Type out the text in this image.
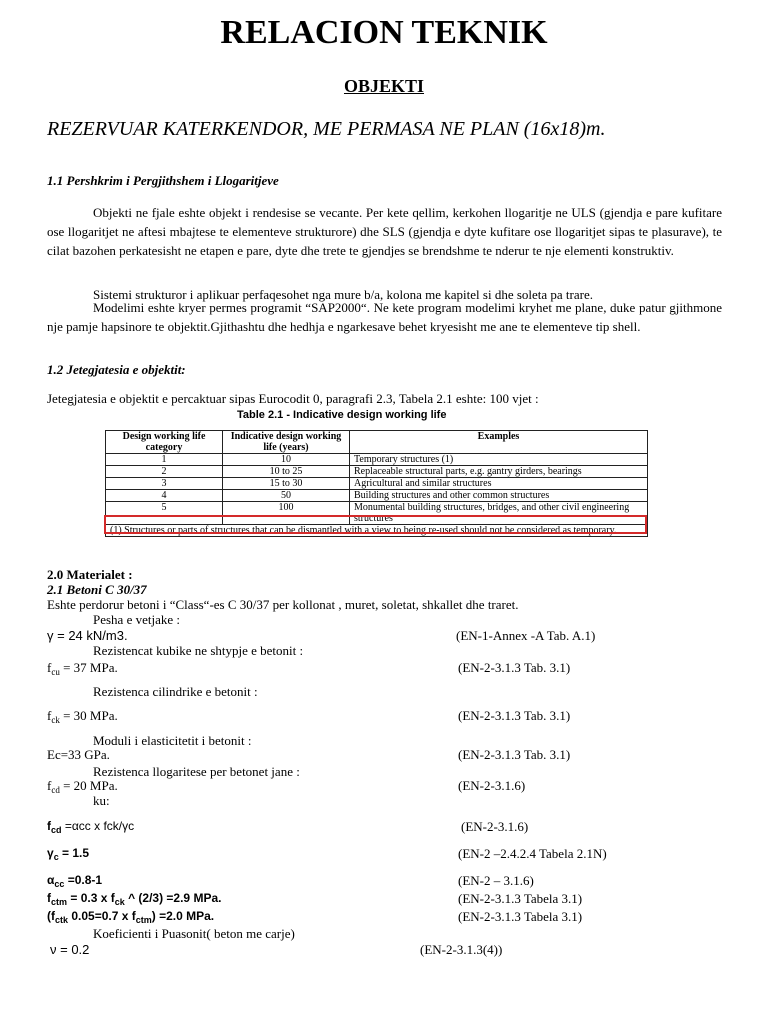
RELACION TEKNIK
OBJEKTI
REZERVUAR KATERKENDOR, ME PERMASA NE PLAN (16x18)m.
1.1 Pershkrim i Pergjithshem i Llogaritjeve
Objekti ne fjale eshte objekt i rendesise se vecante. Per kete qellim, kerkohen llogaritje ne ULS (gjendja e pare kufitare ose llogaritjet ne aftesi mbajtese te elementeve strukturore) dhe SLS (gjendja e dyte kufitare ose llogaritjet sipas te plasurave), te cilat bazohen perkatesisht ne etapen e pare, dyte dhe trete te gjendjes se brendshme te nderur te nje elementi konstruktiv.
Sistemi strukturor i aplikuar perfaqesohet nga mure b/a, kolona me kapitel si dhe soleta pa trare.
Modelimi eshte kryer permes programit “SAP2000“. Ne kete program modelimi kryhet me plane, duke patur gjithmone nje pamje hapsinore te objektit.Gjithashtu dhe hedhja e ngarkesave behet kryesisht me ane te elementeve tip shell.
1.2 Jetegjatesia e objektit:
Jetegjatesia e objektit e percaktuar sipas Eurocodit 0, paragrafi 2.3, Tabela 2.1 eshte: 100 vjet :
Table 2.1 - Indicative design working life
Design working life category	Indicative design working life (years)	Examples
1	10	Temporary structures (1)
2	10 to 25	Replaceable structural parts, e.g. gantry girders, bearings
3	15 to 30	Agricultural and similar structures
4	50	Building structures and other common structures
5	100	Monumental building structures, bridges, and other civil engineering structures
(1) Structures or parts of structures that can be dismantled with a view to being re-used should not be considered as temporary.		
2.0 Materialet :
2.1 Betoni C 30/37
Eshte perdorur betoni i “Class“-es C 30/37 per kollonat , muret, soletat, shkallet dhe traret.
Pesha e vetjake :
γ = 24 kN/m3.	(EN-1-Annex -A Tab. A.1)
Rezistencat kubike ne shtypje e betonit :
$f_{cu} = 37$ MPa.	(EN-2-3.1.3 Tab. 3.1)
Rezistenca cilindrike e betonit :
$f_{ck} = 30$ MPa.	(EN-2-3.1.3 Tab. 3.1)
Moduli i elasticitetit i betonit :
Ec=33 GPa.	(EN-2-3.1.3 Tab. 3.1)
Rezistenca llogaritese per betonet jane :
$f_{cd} = 20$ MPa.	(EN-2-3.1.6)
ku:
$f_{cd} =\alpha cc$ x fck/γc	(EN-2-3.1.6)
$\gamma_c = 1.5$	(EN-2 –2.4.2.4 Tabela 2.1N)
$\alpha_{cc} =0.8-1$	(EN-2 – 3.1.6)
$f_{ctm} = 0.3$ x $f_{ck}$ ^ (2/3) =2.9 MPa.	(EN-2-3.1.3 Tabela 3.1)
($f_{ctk}$ 0.05=0.7 x $f_{ctm}) =2.0$ MPa.	(EN-2-3.1.3 Tabela 3.1)
Koeficienti i Puasonit( beton me carje)
ν = 0.2	(EN-2-3.1.3(4))
